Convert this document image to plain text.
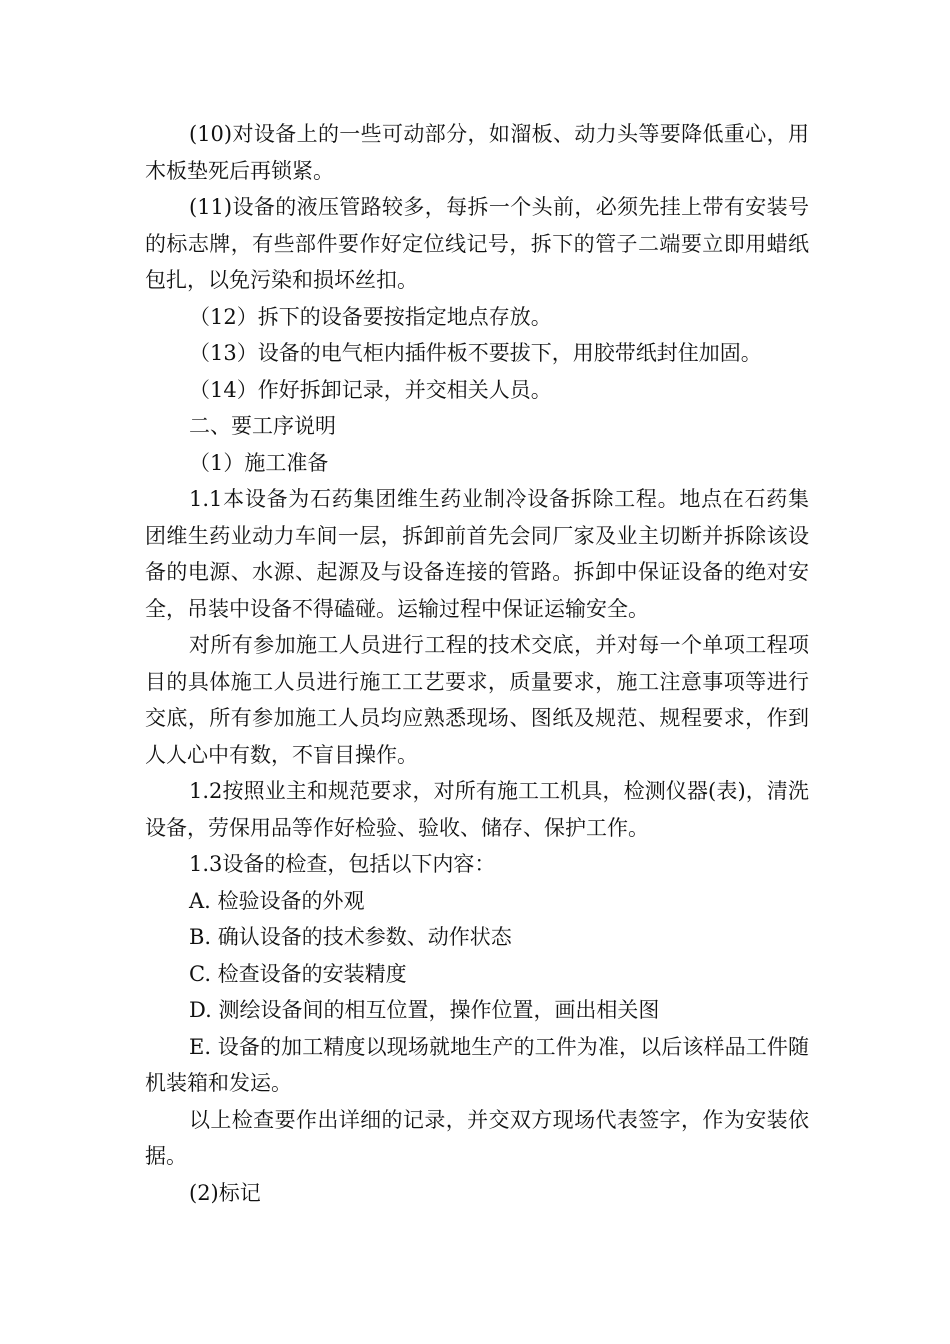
(10)对设备上的一些可动部分，如溜板、动力头等要降低重心，用木板垫死后再锁紧。

(11)设备的液压管路较多，每拆一个头前，必须先挂上带有安装号的标志牌，有些部件要作好定位线记号，拆下的管子二端要立即用蜡纸包扎，以免污染和损坏丝扣。

（12）拆下的设备要按指定地点存放。

（13）设备的电气柜内插件板不要拔下，用胶带纸封住加固。

（14）作好拆卸记录，并交相关人员。

二、要工序说明

（1）施工准备

1.1本设备为石药集团维生药业制冷设备拆除工程。地点在石药集团维生药业动力车间一层，拆卸前首先会同厂家及业主切断并拆除该设备的电源、水源、起源及与设备连接的管路。拆卸中保证设备的绝对安全，吊装中设备不得磕碰。运输过程中保证运输安全。

对所有参加施工人员进行工程的技术交底，并对每一个单项工程项目的具体施工人员进行施工工艺要求，质量要求，施工注意事项等进行交底，所有参加施工人员均应熟悉现场、图纸及规范、规程要求，作到人人心中有数，不盲目操作。

1.2按照业主和规范要求，对所有施工工机具，检测仪器(表)，清洗设备，劳保用品等作好检验、验收、储存、保护工作。

1.3设备的检查，包括以下内容：

A. 检验设备的外观

B. 确认设备的技术参数、动作状态

C. 检查设备的安装精度

D. 测绘设备间的相互位置，操作位置，画出相关图

E. 设备的加工精度以现场就地生产的工件为准，以后该样品工件随机装箱和发运。

以上检查要作出详细的记录，并交双方现场代表签字，作为安装依据。

(2)标记
